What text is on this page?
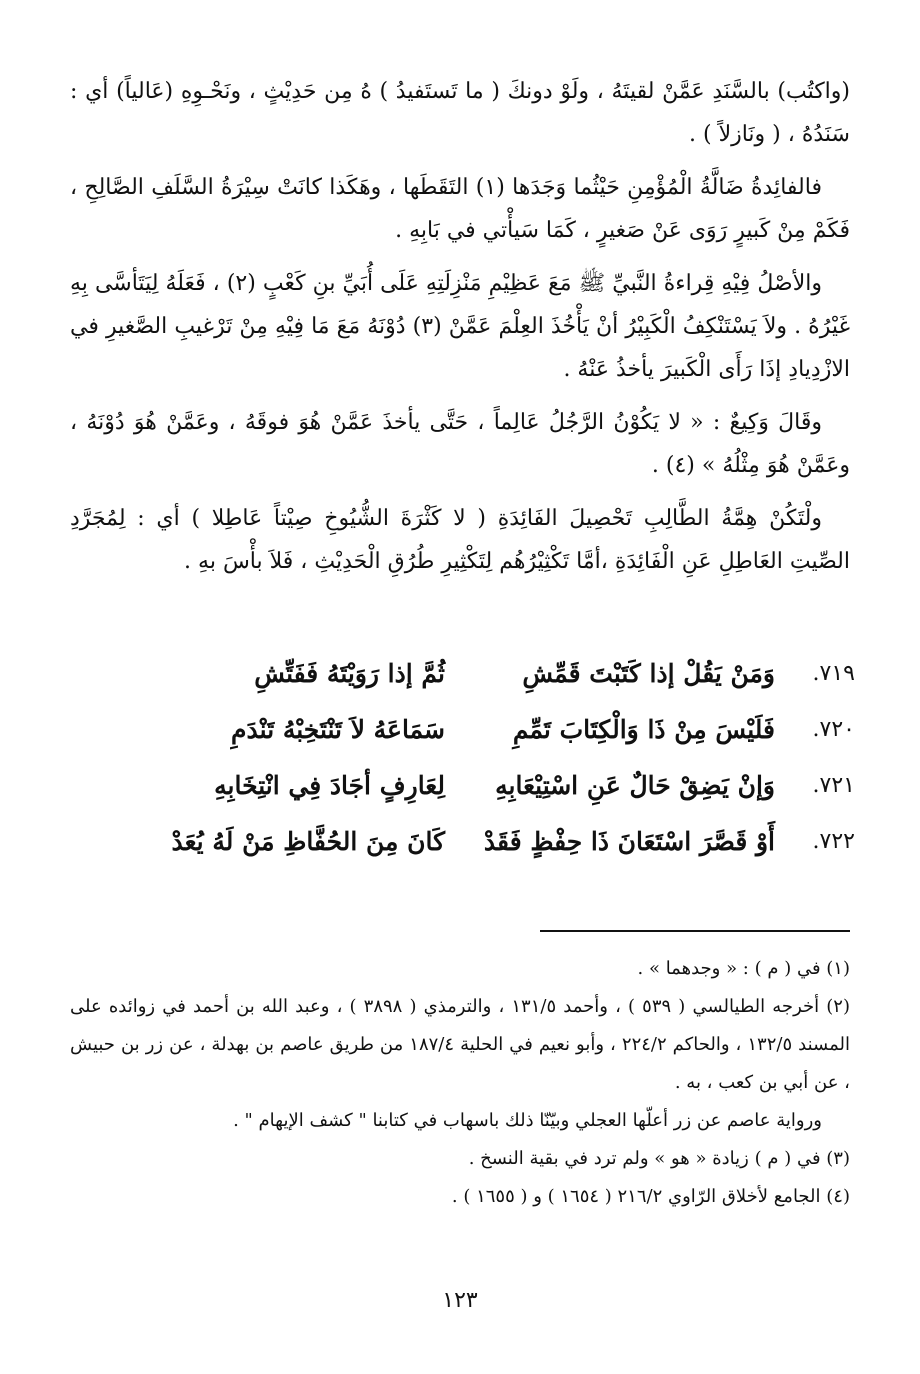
(واكتُب) بالسَّنَدِ عَمَّنْ لقيتَهُ ، ولَوْ دونكَ ( ما تَستَفيدُ ) هُ مِن حَدِيْثٍ ، ونَحْـوِهِ (عَالياً) أي : سَنَدُهُ ، ( ونَازلاً ) .

فالفائِدةُ ضَالَّةُ الْمُؤْمِنِ حَيْثُما وَجَدَها (١) التَقَطَها ، وهَكَذا كانَتْ سِيْرَةُ السَّلَفِ الصَّالِحِ ، فَكَمْ مِنْ كَبيرٍ رَوَى عَنْ صَغيرٍ ، كَمَا سَيأْتي في بَابِهِ .

والأصْلُ فِيْهِ قِراءةُ النَّبيِّ ﷺ مَعَ عَظِيْمِ مَنْزِلَتِهِ عَلَى أُبَيِّ بنِ كَعْبٍ (٢) ، فَعَلَهُ لِيَتَأسَّى بِهِ غَيْرُهُ . ولاَ يَسْتَنْكِفُ الْكَبِيْرُ أنْ يَأْخُذَ العِلْمَ عَمَّنْ (٣) دُوْنَهُ مَعَ مَا فِيْهِ مِنْ تَرْغيبِ الصَّغيرِ في الازْدِيادِ إذَا رَأَى الْكَبيرَ يأخذُ عَنْهُ .

وقَالَ وَكِيعٌ : « لا يَكُوْنُ الرَّجُلُ عَالِماً ، حَتَّى يأخذَ عَمَّنْ هُوَ فوقَهُ ، وعَمَّنْ هُوَ دُوْنَهُ ، وعَمَّنْ هُوَ مِثْلُهُ » (٤) .

ولْتَكُنْ هِمَّةُ الطَّالِبِ تَحْصِيلَ الفَائِدَةِ ( لا كَثْرَةَ الشُّيُوخِ صِيْتاً عَاطِلا ) أي : لِمُجَرَّدِ الصِّيتِ العَاطِلِ عَنِ الْفَائِدَةِ ،أمَّا تَكْثِيْرُهُم لِتَكْثِيرِ طُرُقِ الْحَدِيْثِ ، فَلاَ بأْسَ بهِ .

٧١٩.
وَمَنْ يَقُلْ إذا كَتَبْتَ قَمِّشِ
ثُمَّ إذا رَوَيْتَهُ فَفَتِّشِ
٧٢٠.
فَلَيْسَ مِنْ ذَا وَالْكِتَابَ تَمِّمِ
سَمَاعَهُ لاَ تَنْتَخِبْهُ تَنْدَمِ
٧٢١.
وَإنْ يَضِقْ حَالٌ عَنِ اسْتِيْعَابِهِ
لِعَارِفٍ أجَادَ فِي انْتِخَابِهِ
٧٢٢.
أَوْ قَصَّرَ اسْتَعَانَ ذَا حِفْظٍ فَقَدْ
كَانَ مِنَ الحُفَّاظِ مَنْ لَهُ يُعَدْ

(١) في ( م ) : « وجدهما » .

(٢) أخرجه الطيالسي ( ٥٣٩ ) ، وأحمد ١٣١/٥ ، والترمذي ( ٣٨٩٨ ) ، وعبد الله بن أحمد في زوائده على المسند ١٣٢/٥ ، والحاكم ٢٢٤/٢ ، وأبو نعيم في الحلية ١٨٧/٤ من طريق عاصم بن بهدلة ، عن زر بن حبيش ، عن أبي بن كعب ، به .

ورواية عاصم عن زر أعلّها العجلي وبيّنّا ذلك باسهاب في كتابنا " كشف الإيهام " .

(٣) في ( م ) زيادة « هو » ولم ترد في بقية النسخ .

(٤) الجامع لأخلاق الرّاوي ٢١٦/٢ ( ١٦٥٤ ) و ( ١٦٥٥ ) .

١٢٣
